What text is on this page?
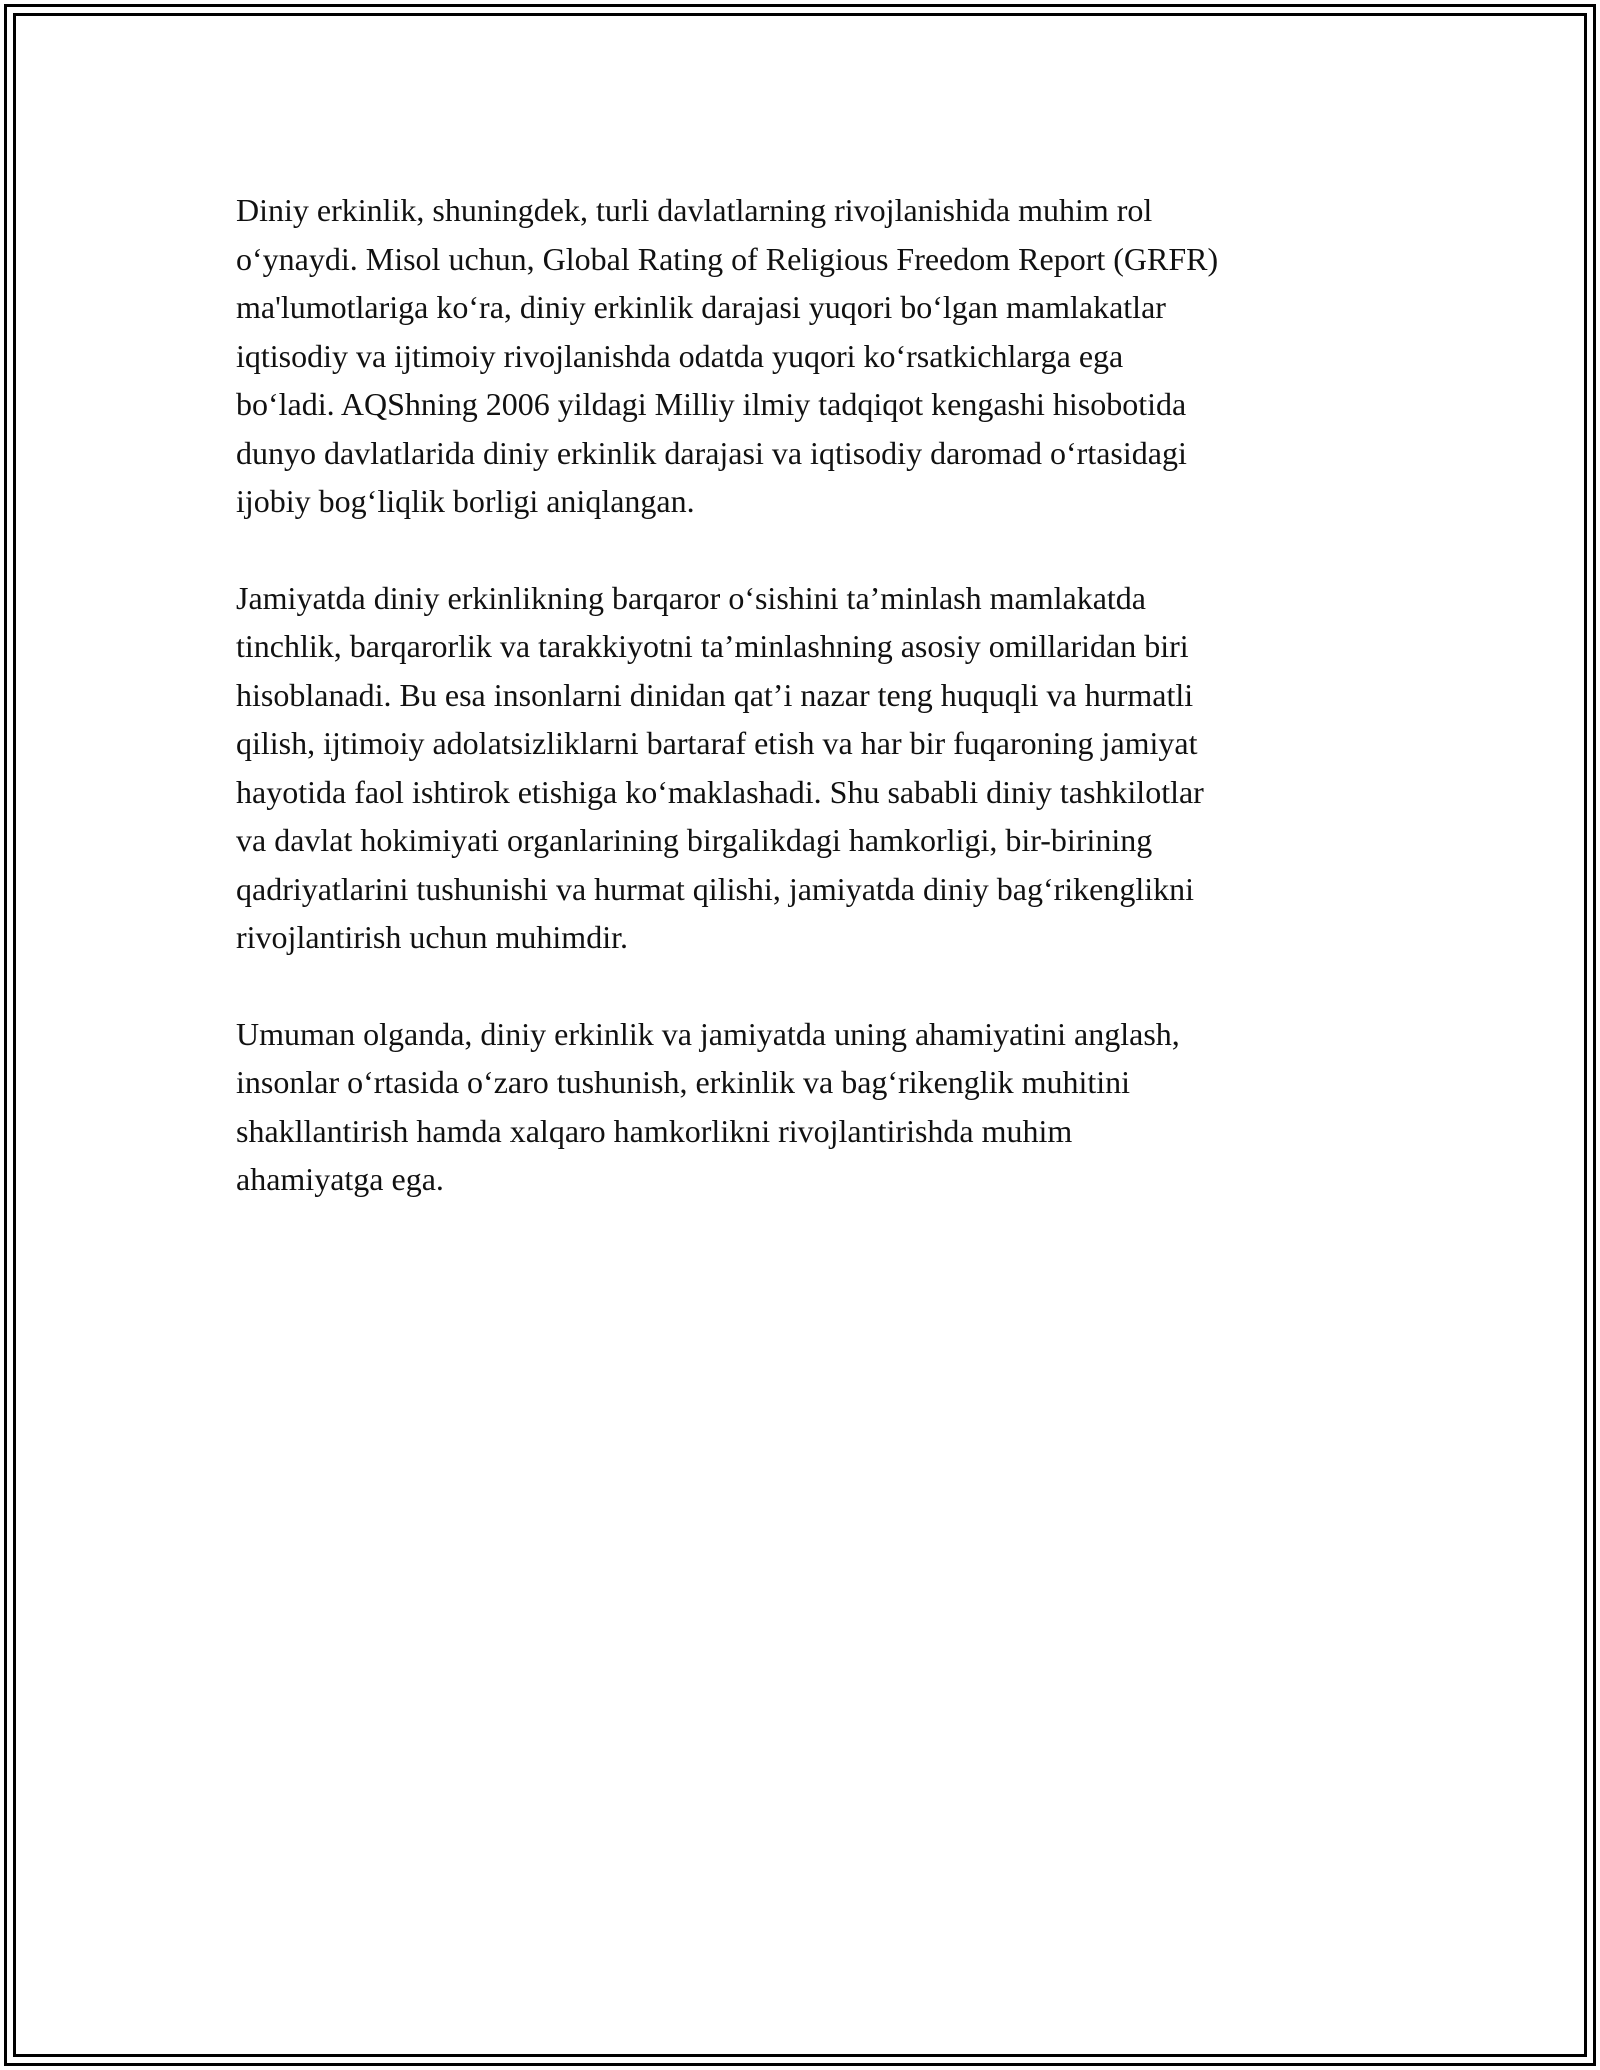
Diniy erkinlik, shuningdek, turli davlatlarning rivojlanishida muhim rol
o‘ynaydi. Misol uchun, Global Rating of Religious Freedom Report (GRFR)
ma'lumotlariga ko‘ra, diniy erkinlik darajasi yuqori bo‘lgan mamlakatlar
iqtisodiy va ijtimoiy rivojlanishda odatda yuqori ko‘rsatkichlarga ega
bo‘ladi. AQShning 2006 yildagi Milliy ilmiy tadqiqot kengashi hisobotida
dunyo davlatlarida diniy erkinlik darajasi va iqtisodiy daromad o‘rtasidagi
ijobiy bog‘liqlik borligi aniqlangan.

Jamiyatda diniy erkinlikning barqaror o‘sishini ta’minlash mamlakatda
tinchlik, barqarorlik va tarakkiyotni ta’minlashning asosiy omillaridan biri
hisoblanadi. Bu esa insonlarni dinidan qat’i nazar teng huquqli va hurmatli
qilish, ijtimoiy adolatsizliklarni bartaraf etish va har bir fuqaroning jamiyat
hayotida faol ishtirok etishiga ko‘maklashadi. Shu sababli diniy tashkilotlar
va davlat hokimiyati organlarining birgalikdagi hamkorligi, bir-birining
qadriyatlarini tushunishi va hurmat qilishi, jamiyatda diniy bag‘rikenglikni
rivojlantirish uchun muhimdir.

Umuman olganda, diniy erkinlik va jamiyatda uning ahamiyatini anglash,
insonlar o‘rtasida o‘zaro tushunish, erkinlik va bag‘rikenglik muhitini
shakllantirish hamda xalqaro hamkorlikni rivojlantirishda muhim
ahamiyatga ega.
